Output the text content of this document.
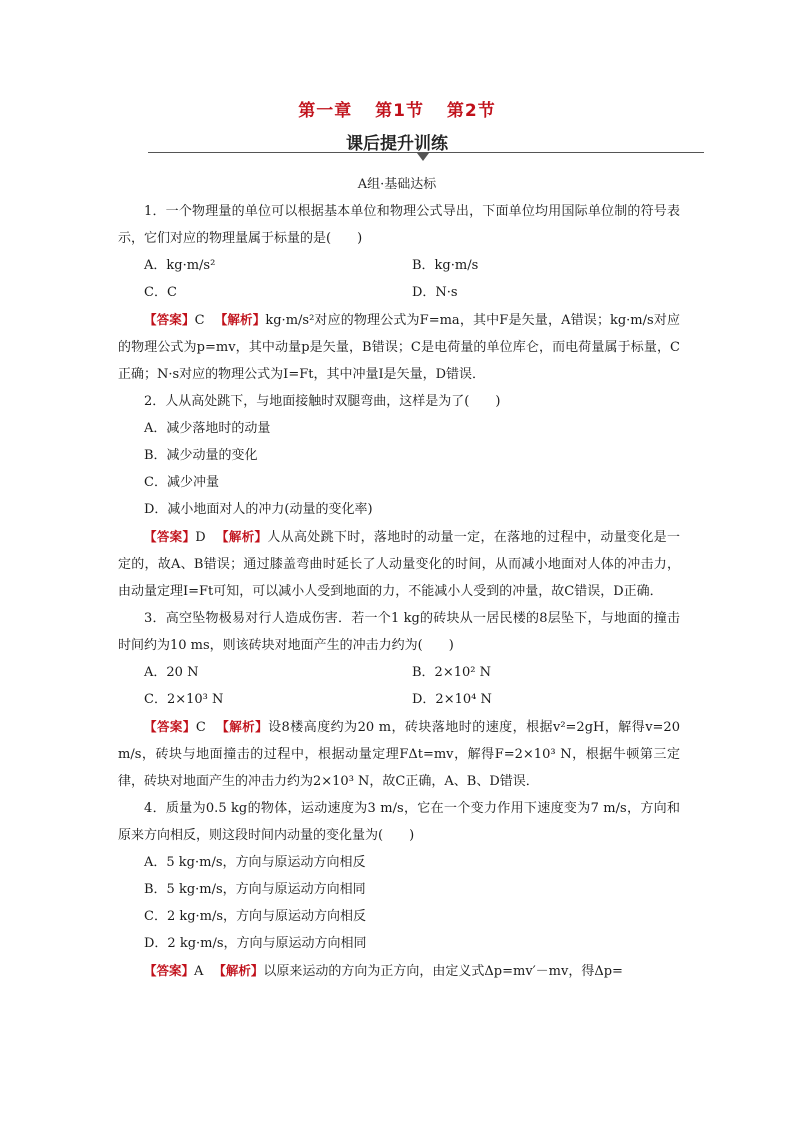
第一章 第1节 第2节
课后提升训练
A组·基础达标

1．一个物理量的单位可以根据基本单位和物理公式导出，下面单位均用国际单位制的符号表示，它们对应的物理量属于标量的是(　　)

A．kg·m/s²	B．kg·m/s
C．C	D．N·s

【答案】C 【解析】kg·m/s²对应的物理公式为F=ma，其中F是矢量，A错误；kg·m/s对应的物理公式为p=mv，其中动量p是矢量，B错误；C是电荷量的单位库仑，而电荷量属于标量，C正确；N·s对应的物理公式为I=Ft，其中冲量I是矢量，D错误．

2．人从高处跳下，与地面接触时双腿弯曲，这样是为了(　　)

A．减少落地时的动量

B．减少动量的变化

C．减少冲量

D．减小地面对人的冲力(动量的变化率)

【答案】D 【解析】人从高处跳下时，落地时的动量一定，在落地的过程中，动量变化是一定的，故A、B错误；通过膝盖弯曲时延长了人动量变化的时间，从而减小地面对人体的冲击力，由动量定理I=Ft可知，可以减小人受到地面的力，不能减小人受到的冲量，故C错误，D正确．

3．高空坠物极易对行人造成伤害．若一个1 kg的砖块从一居民楼的8层坠下，与地面的撞击时间约为10 ms，则该砖块对地面产生的冲击力约为(　　)

A．20 N	B．2×10² N
C．2×10³ N	D．2×10⁴ N

【答案】C 【解析】设8楼高度约为20 m，砖块落地时的速度，根据v²=2gH，解得v=20 m/s，砖块与地面撞击的过程中，根据动量定理FΔt=mv，解得F=2×10³ N，根据牛顿第三定律，砖块对地面产生的冲击力约为2×10³ N，故C正确，A、B、D错误．

4．质量为0.5 kg的物体，运动速度为3 m/s，它在一个变力作用下速度变为7 m/s，方向和原来方向相反，则这段时间内动量的变化量为(　　)

A．5 kg·m/s，方向与原运动方向相反

B．5 kg·m/s，方向与原运动方向相同

C．2 kg·m/s，方向与原运动方向相反

D．2 kg·m/s，方向与原运动方向相同

【答案】A 【解析】以原来运动的方向为正方向，由定义式Δp=mv′－mv，得Δp=
